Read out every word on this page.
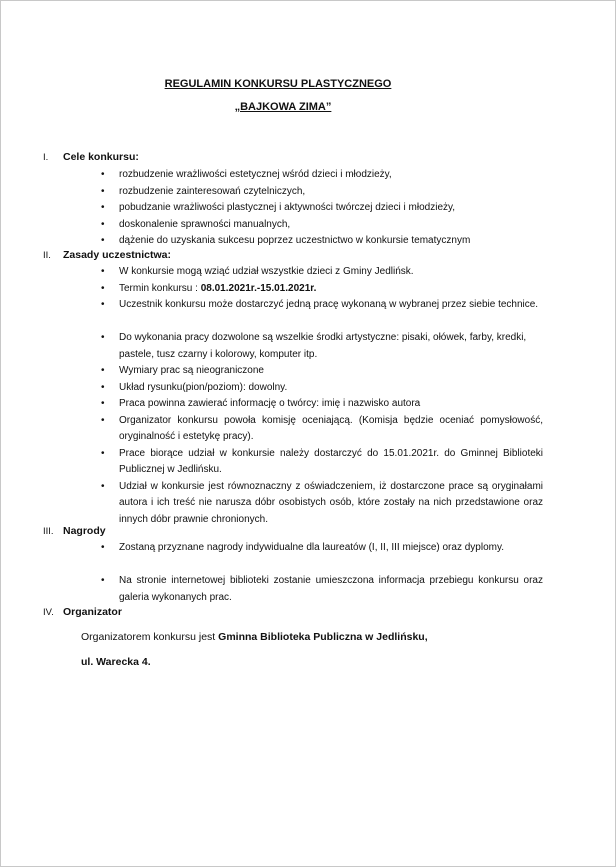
REGULAMIN KONKURSU PLASTYCZNEGO
„BAJKOWA ZIMA”
I. Cele konkursu:
• rozbudzenie wrażliwości estetycznej wśród dzieci i młodzieży,
• rozbudzenie zainteresowań czytelniczych,
• pobudzanie wrażliwości plastycznej i aktywności twórczej dzieci i młodzieży,
• doskonalenie sprawności manualnych,
• dążenie do uzyskania sukcesu poprzez uczestnictwo w konkursie tematycznym
II. Zasady uczestnictwa:
• W konkursie mogą wziąć udział wszystkie dzieci z Gminy Jedlińsk.
• Termin konkursu : 08.01.2021r.-15.01.2021r.
• Uczestnik konkursu może dostarczyć jedną pracę wykonaną w wybranej przez siebie technice.
• Do wykonania pracy dozwolone są wszelkie środki artystyczne: pisaki, ołówek, farby, kredki, pastele, tusz czarny i kolorowy, komputer itp.
• Wymiary prac są nieograniczone
• Układ rysunku(pion/poziom): dowolny.
• Praca powinna zawierać informację o twórcy: imię i nazwisko autora
• Organizator konkursu powoła komisję oceniającą. (Komisja będzie oceniać pomysłowość, oryginalność i estetykę pracy).
• Prace biorące udział w konkursie należy dostarczyć do 15.01.2021r. do Gminnej Biblioteki Publicznej w Jedlińsku.
• Udział w konkursie jest równoznaczny z oświadczeniem, iż dostarczone prace są oryginałami autora i ich treść nie narusza dóbr osobistych osób, które zostały na nich przedstawione oraz innych dóbr prawnie chronionych.
III. Nagrody
• Zostaną przyznane nagrody indywidualne dla laureatów (I, II, III miejsce) oraz dyplomy.
• Na stronie internetowej biblioteki zostanie umieszczona informacja przebiegu konkursu oraz galeria wykonanych prac.
IV. Organizator
Organizatorem konkursu jest Gminna Biblioteka Publiczna w Jedlińsku,
ul. Warecka 4.
